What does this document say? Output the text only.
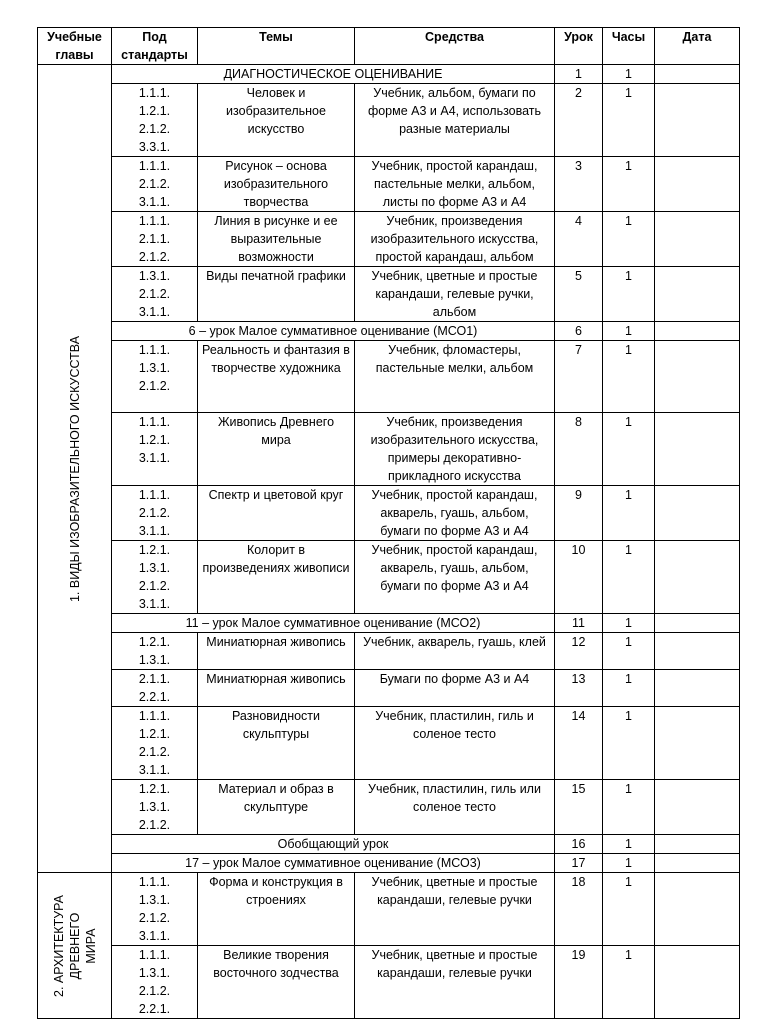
Учебные главы	Под стандарты	Темы	Средства	Урок	Часы	Дата

1. ВИДЫ ИЗОБРАЗИТЕЛЬНОГО ИСКУССТВА	ДИАГНОСТИЧЕСКОЕ ОЦЕНИВАНИЕ			1	1	

	1.1.1.
1.2.1.
2.1.2.
3.3.1.	Человек и изобразительное искусство	Учебник, альбом, бумаги по форме А3 и А4, использовать разные материалы	2	1	

	1.1.1.
2.1.2.
3.1.1.	Рисунок – основа изобразительного творчества	Учебник, простой карандаш, пастельные мелки, альбом, листы по форме А3 и А4	3	1	

	1.1.1.
2.1.1.
2.1.2.	Линия в рисунке и ее выразительные возможности	Учебник, произведения изобразительного искусства, простой карандаш, альбом	4	1	

	1.3.1.
2.1.2.
3.1.1.	Виды печатной графики	Учебник, цветные и простые карандаши, гелевые ручки, альбом	5	1	
	6 – урок Малое суммативное оценивание (МСО1)			6	1	

	1.1.1.
1.3.1.
2.1.2.	Реальность и фантазия в творчестве художника	Учебник, фломастеры, пастельные мелки, альбом	7	1	

	1.1.1.
1.2.1.
3.1.1.	Живопись Древнего мира	Учебник, произведения изобразительного искусства, примеры декоративно-прикладного искусства	8	1	

	1.1.1.
2.1.2.
3.1.1.	Спектр и цветовой круг	Учебник, простой карандаш, акварель, гуашь, альбом, бумаги по форме А3 и А4	9	1	

	1.2.1.
1.3.1.
2.1.2.
3.1.1.	Колорит в произведениях живописи	Учебник, простой карандаш, акварель, гуашь, альбом, бумаги по форме А3 и А4	10	1	
	11 – урок Малое суммативное оценивание (МСО2)			11	1	

	1.2.1.
1.3.1.	Миниатюрная живопись	Учебник, акварель, гуашь, клей	12	1	

	2.1.1.
2.2.1.	Миниатюрная живопись	Бумаги по форме А3 и А4	13	1	

	1.1.1.
1.2.1.
2.1.2.
3.1.1.	Разновидности скульптуры	Учебник, пластилин, гиль и соленое тесто	14	1	

	1.2.1.
1.3.1.
2.1.2.	Материал и образ в скульптуре	Учебник, пластилин, гиль или соленое тесто	15	1	
	Обобщающий урок			16	1	
	17 – урок Малое суммативное оценивание (МСО3)			17	1	

2. АРХИТЕКТУРА ДРЕВНЕГО МИРА	1.1.1.
1.3.1.
2.1.2.
3.1.1.	Форма и конструкция в строениях	Учебник, цветные и простые карандаши, гелевые ручки	18	1	

	1.1.1.
1.3.1.
2.1.2.
2.2.1.	Великие творения восточного зодчества	Учебник, цветные и простые карандаши, гелевые ручки	19	1	
